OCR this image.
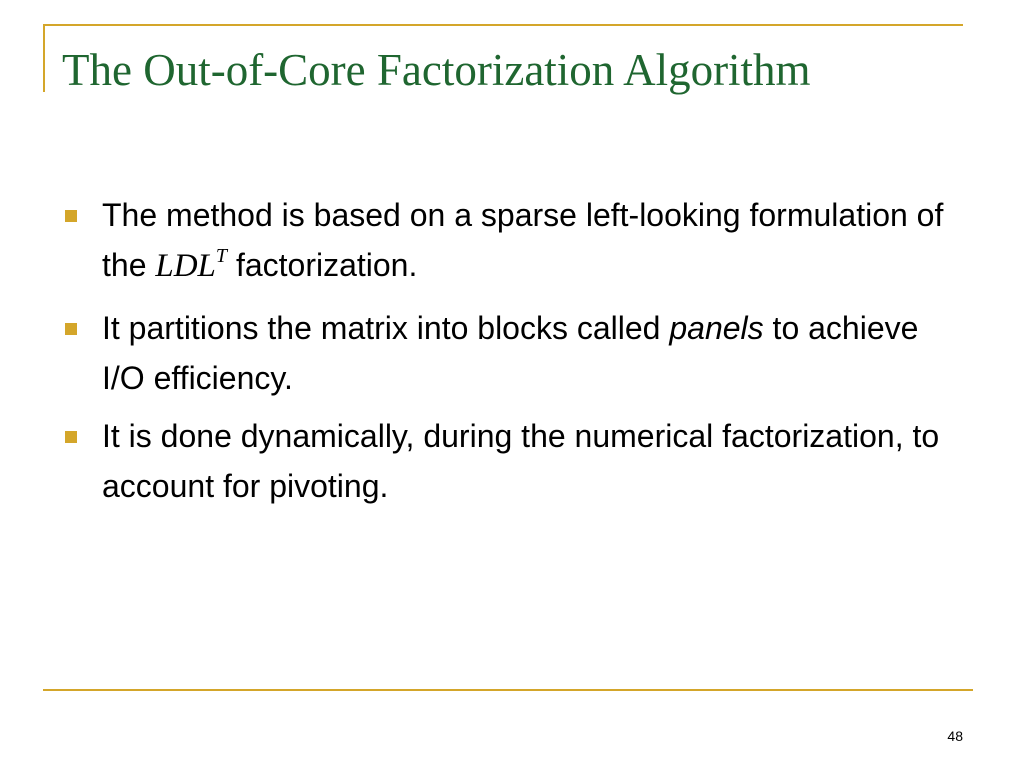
The Out-of-Core Factorization Algorithm
The method is based on a sparse left-looking formulation of the $LDL^T$ factorization.
It partitions the matrix into blocks called panels to achieve I/O efficiency.
It is done dynamically, during the numerical factorization, to account for pivoting.
48
